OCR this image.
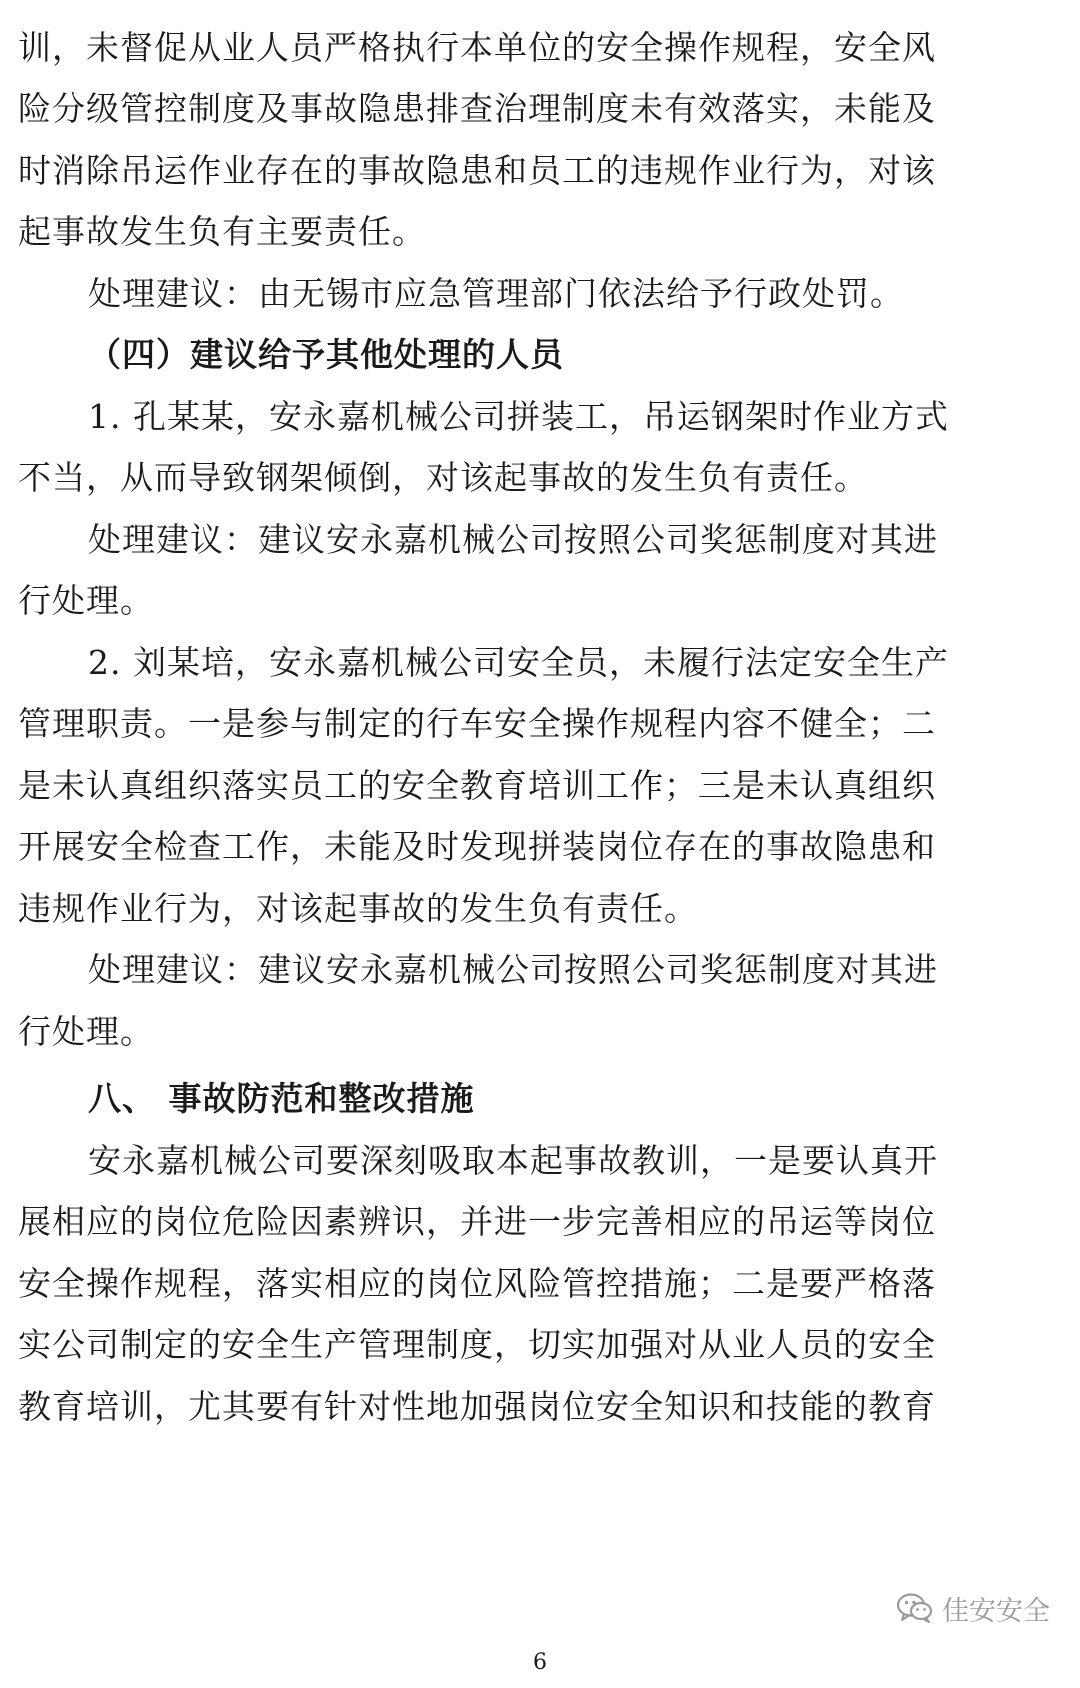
训，未督促从业人员严格执行本单位的安全操作规程，安全风
险分级管控制度及事故隐患排查治理制度未有效落实，未能及
时消除吊运作业存在的事故隐患和员工的违规作业行为，对该
起事故发生负有主要责任。
处理建议：由无锡市应急管理部门依法给予行政处罚。
（四）建议给予其他处理的人员
1. 孔某某，安永嘉机械公司拼装工，吊运钢架时作业方式
不当，从而导致钢架倾倒，对该起事故的发生负有责任。
处理建议：建议安永嘉机械公司按照公司奖惩制度对其进
行处理。
2. 刘某培，安永嘉机械公司安全员，未履行法定安全生产
管理职责。一是参与制定的行车安全操作规程内容不健全；二
是未认真组织落实员工的安全教育培训工作；三是未认真组织
开展安全检查工作，未能及时发现拼装岗位存在的事故隐患和
违规作业行为，对该起事故的发生负有责任。
处理建议：建议安永嘉机械公司按照公司奖惩制度对其进
行处理。
八、 事故防范和整改措施
安永嘉机械公司要深刻吸取本起事故教训，一是要认真开
展相应的岗位危险因素辨识，并进一步完善相应的吊运等岗位
安全操作规程，落实相应的岗位风险管控措施；二是要严格落
实公司制定的安全生产管理制度，切实加强对从业人员的安全
教育培训，尤其要有针对性地加强岗位安全知识和技能的教育
佳安安全
6
